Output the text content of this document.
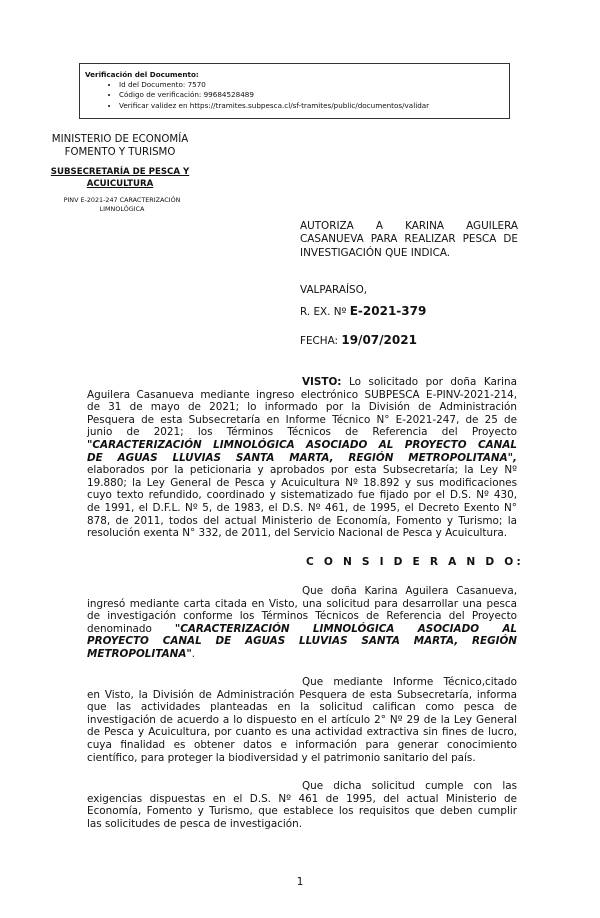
Verificación del Documento:
• Id del Documento: 7570
• Código de verificación: 99684528489
• Verificar validez en https://tramites.subpesca.cl/sf-tramites/public/documentos/validar
MINISTERIO DE ECONOMÍA
FOMENTO Y TURISMO
SUBSECRETARÍA DE PESCA Y
ACUICULTURA
PINV E-2021-247 CARACTERIZACIÓN
LIMNOLÓGICA
AUTORIZA A KARINA AGUILERA
CASANUEVA PARA REALIZAR PESCA DE
INVESTIGACIÓN QUE INDICA.
VALPARAÍSO,
R. EX. Nº E-2021-379
FECHA: 19/07/2021
VISTO: Lo solicitado por doña Karina
Aguilera Casanueva mediante ingreso electrónico SUBPESCA E-PINV-2021-214,
de 31 de mayo de 2021; lo informado por la División de Administración
Pesquera de esta Subsecretaría en Informe Técnico N° E-2021-247, de 25 de
junio de 2021; los Términos Técnicos de Referencia del Proyecto
"CARACTERIZACIÓN LIMNOLÓGICA ASOCIADO AL PROYECTO CANAL
DE AGUAS LLUVIAS SANTA MARTA, REGIÓN METROPOLITANA",
elaborados por la peticionaria y aprobados por esta Subsecretaría; la Ley Nº
19.880; la Ley General de Pesca y Acuicultura Nº 18.892 y sus modificaciones
cuyo texto refundido, coordinado y sistematizado fue fijado por el D.S. Nº 430,
de 1991, el D.F.L. Nº 5, de 1983, el D.S. Nº 461, de 1995, el Decreto Exento N°
878, de 2011, todos del actual Ministerio de Economía, Fomento y Turismo; la
resolución exenta N° 332, de 2011, del Servicio Nacional de Pesca y Acuicultura.
C O N S I D E R A N D O:
Que doña Karina Aguilera Casanueva,
ingresó mediante carta citada en Visto, una solicitud para desarrollar una pesca
de investigación conforme los Términos Técnicos de Referencia del Proyecto
denominado "CARACTERIZACIÓN LIMNOLÓGICA ASOCIADO AL
PROYECTO CANAL DE AGUAS LLUVIAS SANTA MARTA, REGIÓN
METROPOLITANA".
Que mediante Informe Técnico,citado
en Visto, la División de Administración Pesquera de esta Subsecretaría, informa
que las actividades planteadas en la solicitud califican como pesca de
investigación de acuerdo a lo dispuesto en el artículo 2° Nº 29 de la Ley General
de Pesca y Acuicultura, por cuanto es una actividad extractiva sin fines de lucro,
cuya finalidad es obtener datos e información para generar conocimiento
científico, para proteger la biodiversidad y el patrimonio sanitario del país.
Que dicha solicitud cumple con las
exigencias dispuestas en el D.S. Nº 461 de 1995, del actual Ministerio de
Economía, Fomento y Turismo, que establece los requisitos que deben cumplir
las solicitudes de pesca de investigación.
1
